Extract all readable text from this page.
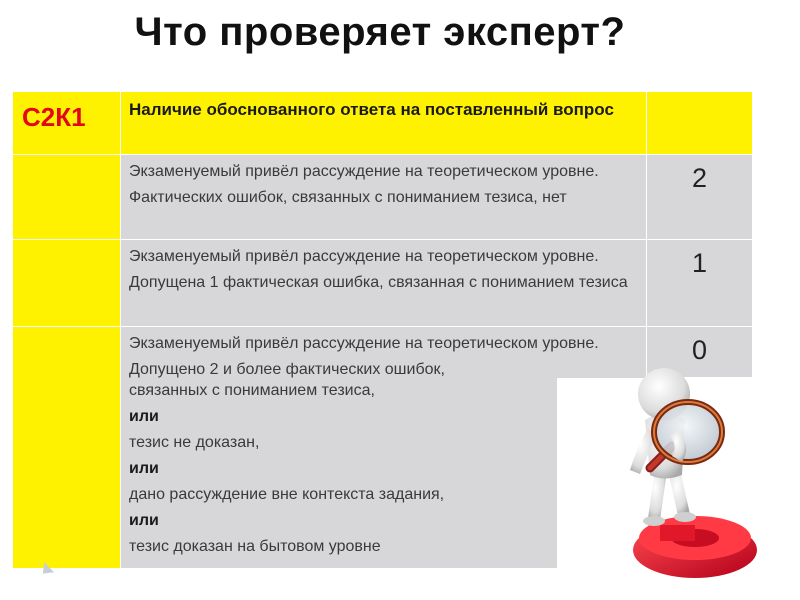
Что проверяет эксперт?
С2К1	Наличие обоснованного ответа на поставленный вопрос
Экзаменуемый привёл рассуждение на теоретическом уровне. Фактических ошибок, связанных с пониманием тезиса, нет
2
Экзаменуемый привёл рассуждение на теоретическом уровне. Допущена 1 фактическая ошибка, связанная с пониманием тезиса
1
Экзаменуемый привёл рассуждение на теоретическом уровне. Допущено 2 и более фактических ошибок,
0
связанных с пониманием тезиса,
или
тезис не доказан,
или
дано рассуждение вне контекста задания,
или
тезис доказан на бытовом уровне
